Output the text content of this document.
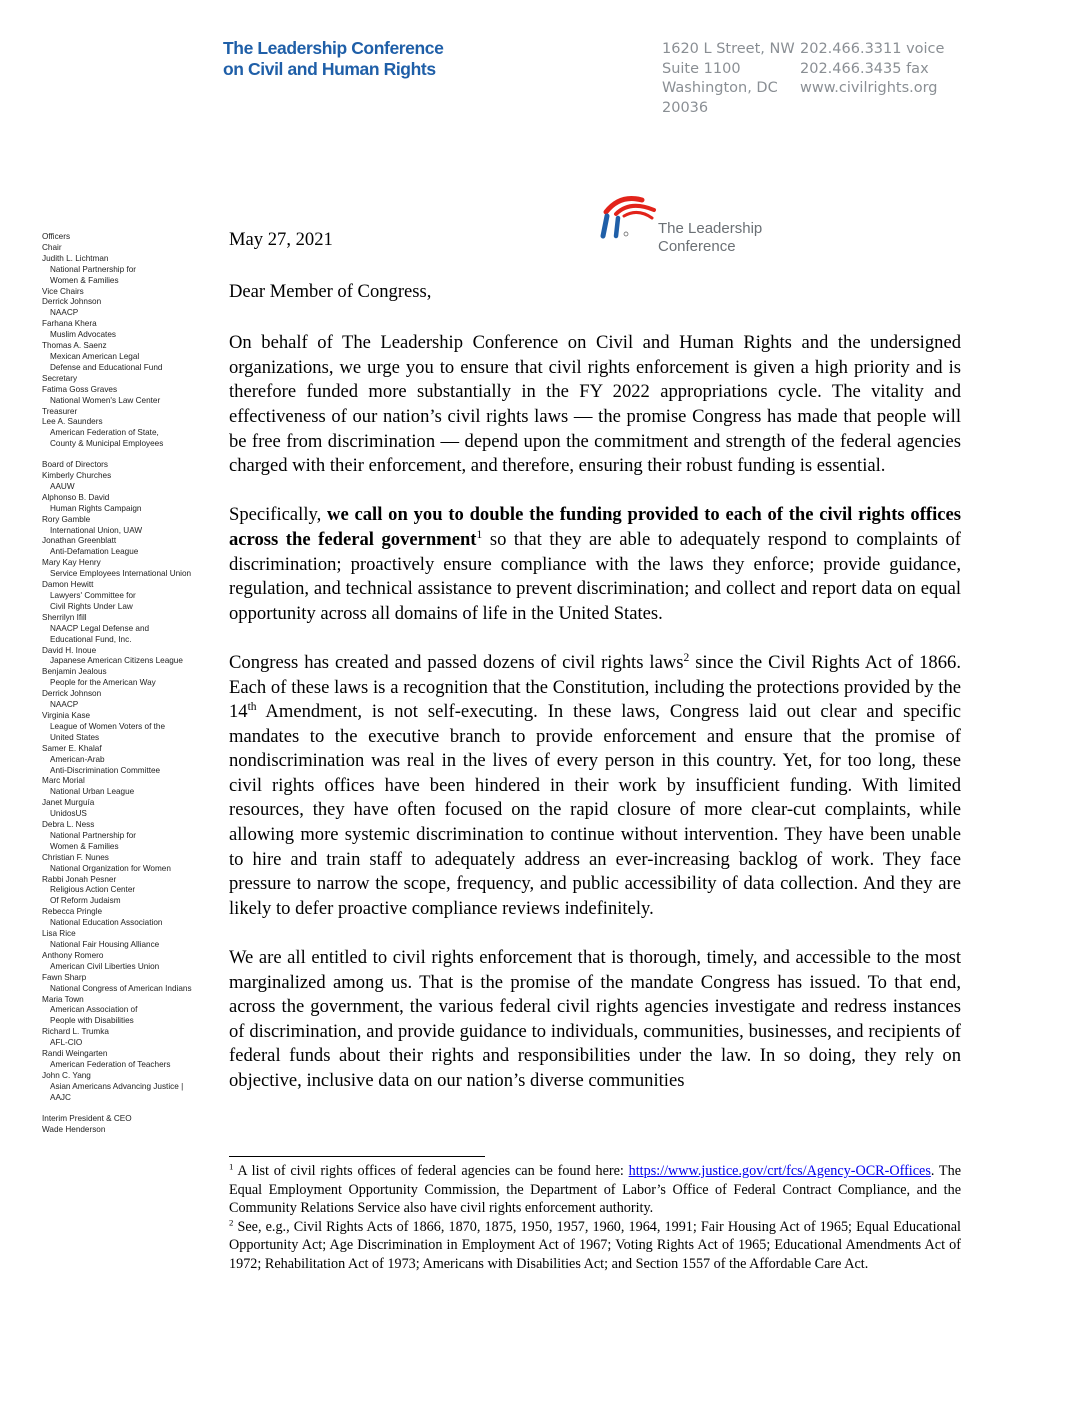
The Leadership Conference
on Civil and Human Rights
1620 L Street, NW
Suite 1100
Washington, DC
20036
202.466.3311 voice
202.466.3435 fax
www.civilrights.org
The Leadership
Conference
Officers
Chair
Judith L. Lichtman
National Partnership for
Women & Families
Vice Chairs
Derrick Johnson
NAACP
Farhana Khera
Muslim Advocates
Thomas A. Saenz
Mexican American Legal
Defense and Educational Fund
Secretary
Fatima Goss Graves
National Women's Law Center
Treasurer
Lee A. Saunders
American Federation of State,
County & Municipal Employees
Board of Directors
Kimberly Churches
AAUW
Alphonso B. David
Human Rights Campaign
Rory Gamble
International Union, UAW
Jonathan Greenblatt
Anti-Defamation League
Mary Kay Henry
Service Employees International Union
Damon Hewitt
Lawyers' Committee for
Civil Rights Under Law
Sherrilyn Ifill
NAACP Legal Defense and
Educational Fund, Inc.
David H. Inoue
Japanese American Citizens League
Benjamin Jealous
People for the American Way
Derrick Johnson
NAACP
Virginia Kase
League of Women Voters of the
United States
Samer E. Khalaf
American-Arab
Anti-Discrimination Committee
Marc Morial
National Urban League
Janet Murguía
UnidosUS
Debra L. Ness
National Partnership for
Women & Families
Christian F. Nunes
National Organization for Women
Rabbi Jonah Pesner
Religious Action Center
Of Reform Judaism
Rebecca Pringle
National Education Association
Lisa Rice
National Fair Housing Alliance
Anthony Romero
American Civil Liberties Union
Fawn Sharp
National Congress of American Indians
Maria Town
American Association of
People with Disabilities
Richard L. Trumka
AFL-CIO
Randi Weingarten
American Federation of Teachers
John C. Yang
Asian Americans Advancing Justice |
AAJC
Interim President & CEO
Wade Henderson
May 27, 2021
Dear Member of Congress,

On behalf of The Leadership Conference on Civil and Human Rights and the undersigned organizations, we urge you to ensure that civil rights enforcement is given a high priority and is therefore funded more substantially in the FY 2022 appropriations cycle. The vitality and effectiveness of our nation’s civil rights laws — the promise Congress has made that people will be free from discrimination — depend upon the commitment and strength of the federal agencies charged with their enforcement, and therefore, ensuring their robust funding is essential.

Specifically, we call on you to double the funding provided to each of the civil rights offices across the federal government$^1$ so that they are able to adequately respond to complaints of discrimination; proactively ensure compliance with the laws they enforce; provide guidance, regulation, and technical assistance to prevent discrimination; and collect and report data on equal opportunity across all domains of life in the United States.

Congress has created and passed dozens of civil rights laws$^2$ since the Civil Rights Act of 1866. Each of these laws is a recognition that the Constitution, including the protections provided by the 14th Amendment, is not self-executing. In these laws, Congress laid out clear and specific mandates to the executive branch to provide enforcement and ensure that the promise of nondiscrimination was real in the lives of every person in this country. Yet, for too long, these civil rights offices have been hindered in their work by insufficient funding. With limited resources, they have often focused on the rapid closure of more clear-cut complaints, while allowing more systemic discrimination to continue without intervention. They have been unable to hire and train staff to adequately address an ever-increasing backlog of work. They face pressure to narrow the scope, frequency, and public accessibility of data collection. And they are likely to defer proactive compliance reviews indefinitely.

We are all entitled to civil rights enforcement that is thorough, timely, and accessible to the most marginalized among us. That is the promise of the mandate Congress has issued. To that end, across the government, the various federal civil rights agencies investigate and redress instances of discrimination, and provide guidance to individuals, communities, businesses, and recipients of federal funds about their rights and responsibilities under the law. In so doing, they rely on objective, inclusive data on our nation’s diverse communities

$^1$ A list of civil rights offices of federal agencies can be found here: https://www.justice.gov/crt/fcs/Agency-OCR-Offices. The Equal Employment Opportunity Commission, the Department of Labor’s Office of Federal Contract Compliance, and the Community Relations Service also have civil rights enforcement authority.

$^2$ See, e.g., Civil Rights Acts of 1866, 1870, 1875, 1950, 1957, 1960, 1964, 1991; Fair Housing Act of 1965; Equal Educational Opportunity Act; Age Discrimination in Employment Act of 1967; Voting Rights Act of 1965; Educational Amendments Act of 1972; Rehabilitation Act of 1973; Americans with Disabilities Act; and Section 1557 of the Affordable Care Act.
